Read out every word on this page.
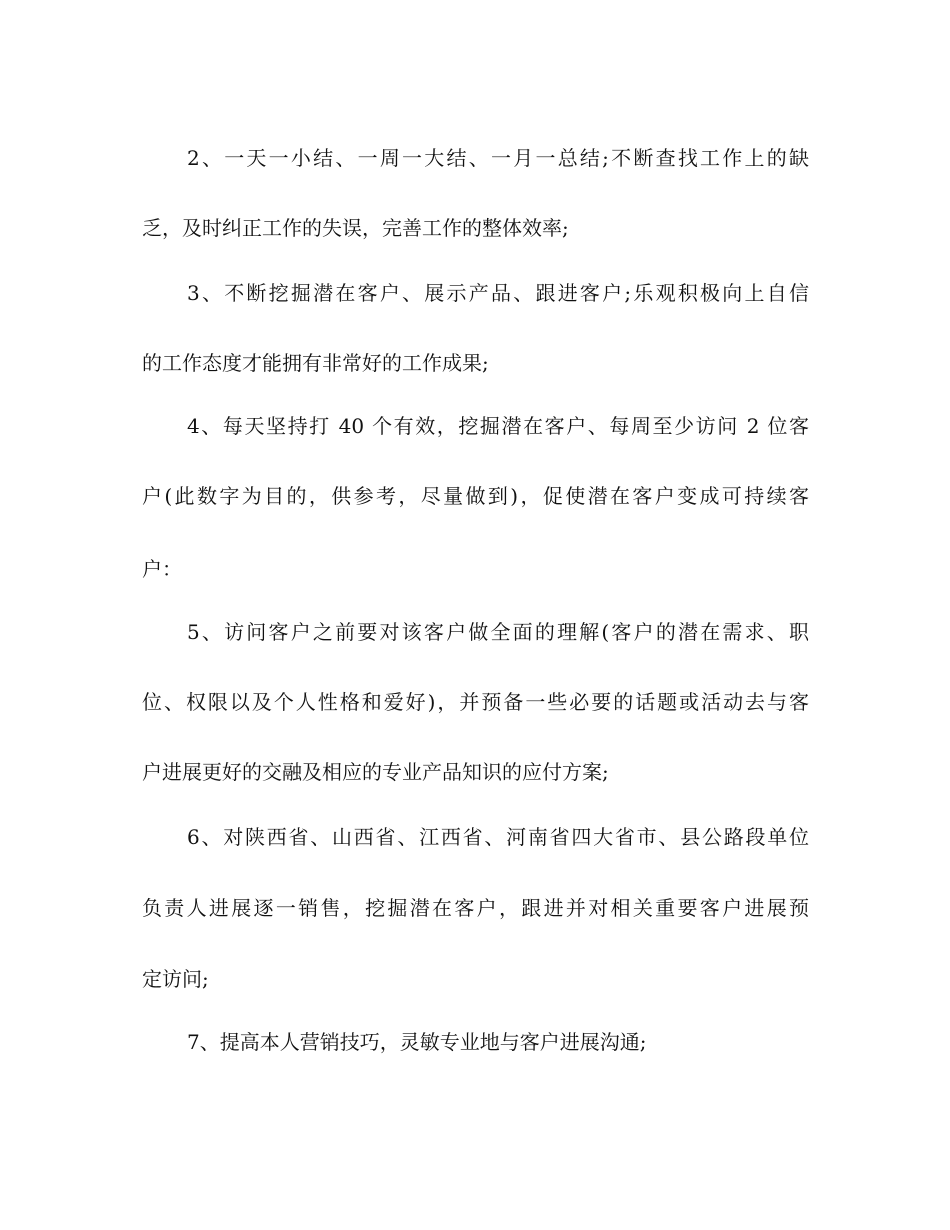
2、一天一小结、一周一大结、一月一总结;不断查找工作上的缺
乏，及时纠正工作的失误，完善工作的整体效率;
3、不断挖掘潜在客户、展示产品、跟进客户;乐观积极向上自信
的工作态度才能拥有非常好的工作成果;
4、每天坚持打 40 个有效，挖掘潜在客户、每周至少访问 2 位客
户(此数字为目的，供参考，尽量做到)，促使潜在客户变成可持续客
户：
5、访问客户之前要对该客户做全面的理解(客户的潜在需求、职
位、权限以及个人性格和爱好)，并预备一些必要的话题或活动去与客
户进展更好的交融及相应的专业产品知识的应付方案;
6、对陕西省、山西省、江西省、河南省四大省市、县公路段单位
负责人进展逐一销售，挖掘潜在客户，跟进并对相关重要客户进展预
定访问;
7、提高本人营销技巧，灵敏专业地与客户进展沟通;
